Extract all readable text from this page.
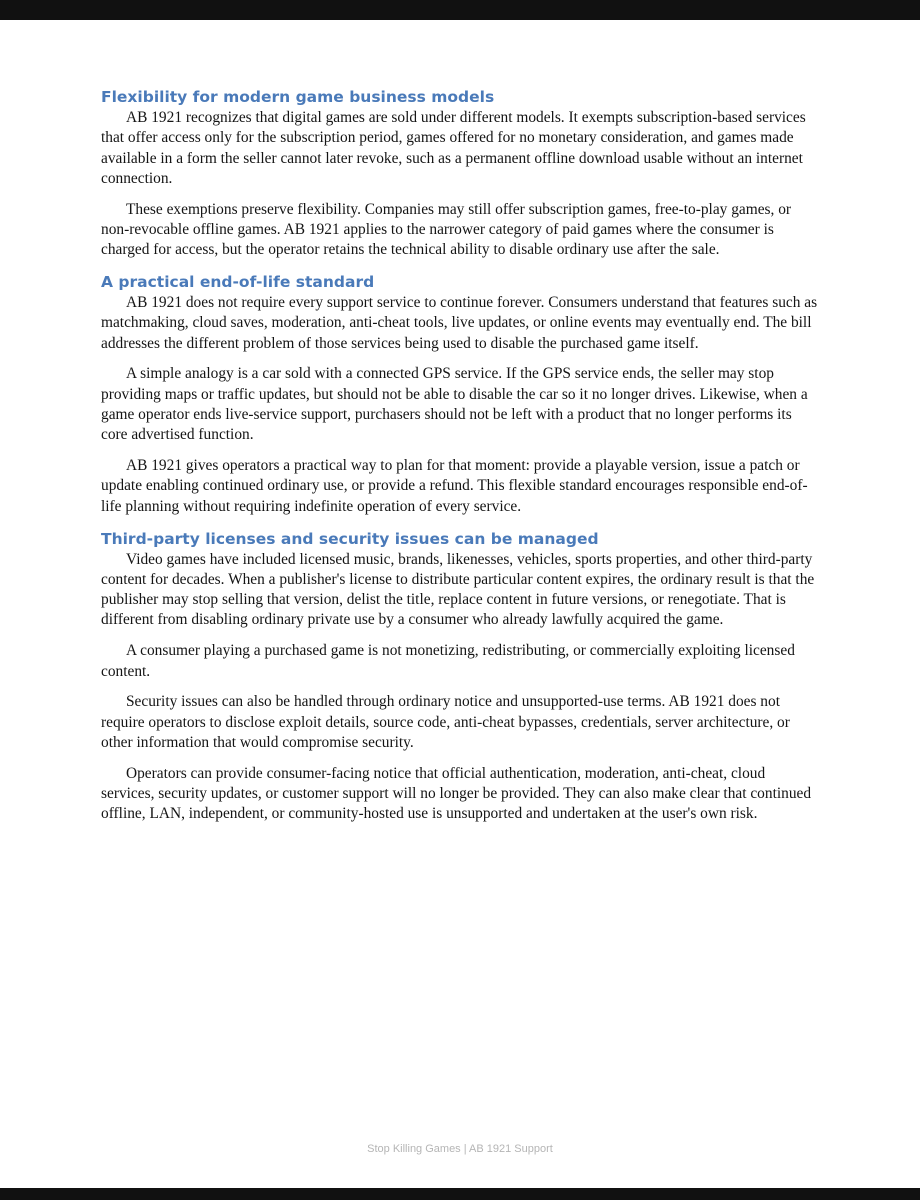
Flexibility for modern game business models

AB 1921 recognizes that digital games are sold under different models. It exempts subscription-based services that offer access only for the subscription period, games offered for no monetary consideration, and games made available in a form the seller cannot later revoke, such as a permanent offline download usable without an internet connection.

These exemptions preserve flexibility. Companies may still offer subscription games, free-to-play games, or non-revocable offline games. AB 1921 applies to the narrower category of paid games where the consumer is charged for access, but the operator retains the technical ability to disable ordinary use after the sale.

A practical end-of-life standard

AB 1921 does not require every support service to continue forever. Consumers understand that features such as matchmaking, cloud saves, moderation, anti-cheat tools, live updates, or online events may eventually end. The bill addresses the different problem of those services being used to disable the purchased game itself.

A simple analogy is a car sold with a connected GPS service. If the GPS service ends, the seller may stop providing maps or traffic updates, but should not be able to disable the car so it no longer drives. Likewise, when a game operator ends live-service support, purchasers should not be left with a product that no longer performs its core advertised function.

AB 1921 gives operators a practical way to plan for that moment: provide a playable version, issue a patch or update enabling continued ordinary use, or provide a refund. This flexible standard encourages responsible end-of-life planning without requiring indefinite operation of every service.

Third-party licenses and security issues can be managed

Video games have included licensed music, brands, likenesses, vehicles, sports properties, and other third-party content for decades. When a publisher's license to distribute particular content expires, the ordinary result is that the publisher may stop selling that version, delist the title, replace content in future versions, or renegotiate. That is different from disabling ordinary private use by a consumer who already lawfully acquired the game.

A consumer playing a purchased game is not monetizing, redistributing, or commercially exploiting licensed content.

Security issues can also be handled through ordinary notice and unsupported-use terms. AB 1921 does not require operators to disclose exploit details, source code, anti-cheat bypasses, credentials, server architecture, or other information that would compromise security.

Operators can provide consumer-facing notice that official authentication, moderation, anti-cheat, cloud services, security updates, or customer support will no longer be provided. They can also make clear that continued offline, LAN, independent, or community-hosted use is unsupported and undertaken at the user's own risk.

Stop Killing Games | AB 1921 Support
